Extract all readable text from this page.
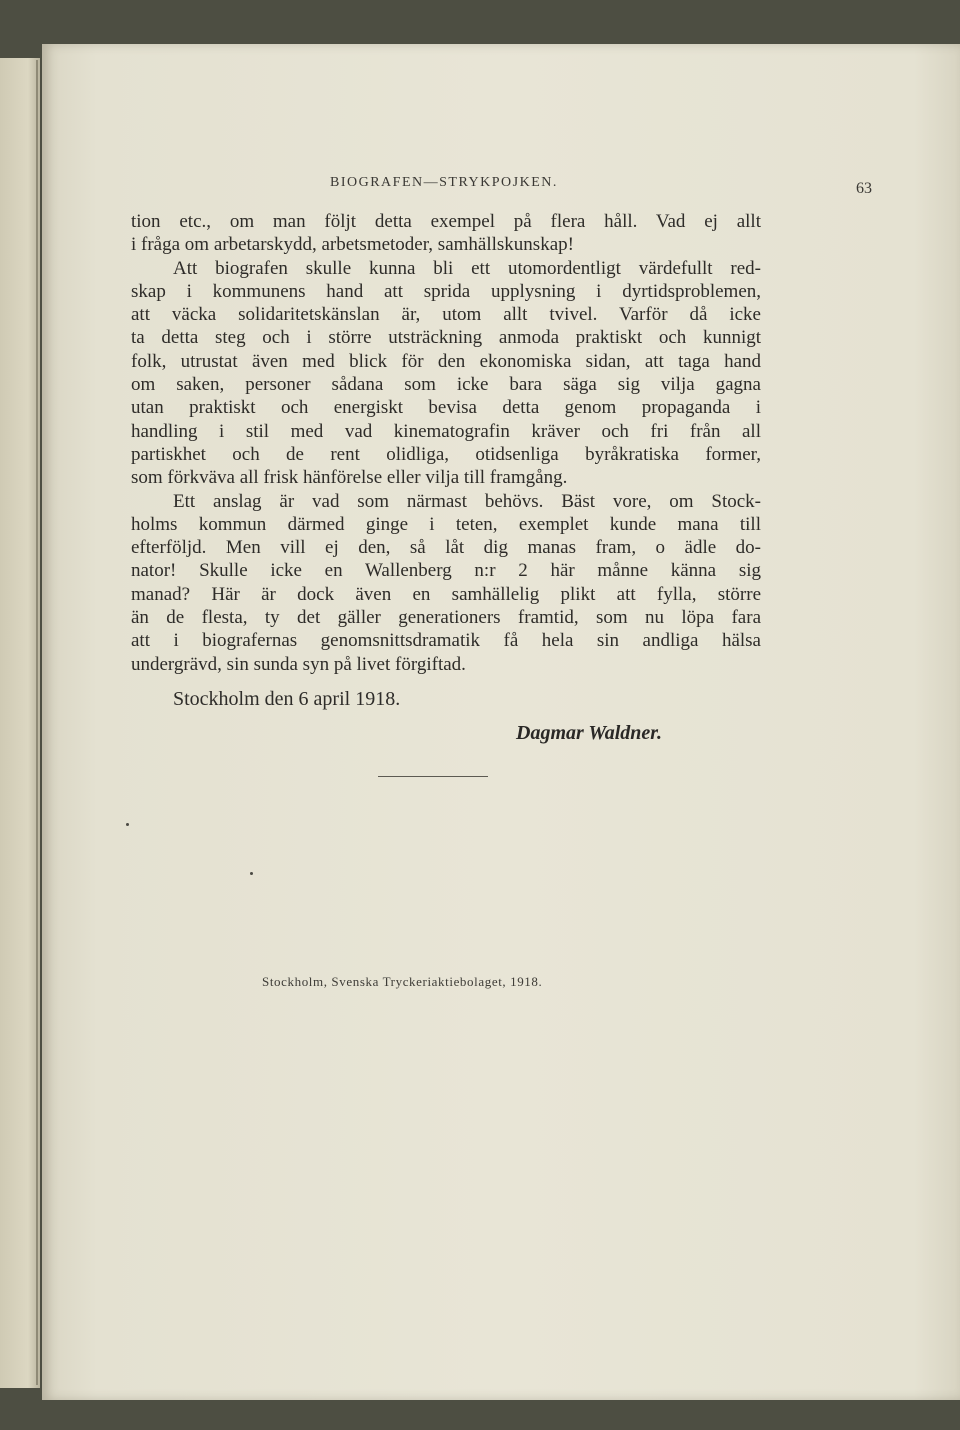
BIOGRAFEN—STRYKPOJKEN.	63
tion etc., om man följt detta exempel på flera håll. Vad ej allt
i fråga om arbetarskydd, arbetsmetoder, samhällskunskap!
Att biografen skulle kunna bli ett utomordentligt värdefullt red-
skap i kommunens hand att sprida upplysning i dyrtidsproblemen,
att väcka solidaritetskänslan är, utom allt tvivel. Varför då icke
ta detta steg och i större utsträckning anmoda praktiskt och kunnigt
folk, utrustat även med blick för den ekonomiska sidan, att taga hand
om saken, personer sådana som icke bara säga sig vilja gagna
utan praktiskt och energiskt bevisa detta genom propaganda i
handling i stil med vad kinematografin kräver och fri från all
partiskhet och de rent olidliga, otidsenliga byråkratiska former,
som förkväva all frisk hänförelse eller vilja till framgång.
Ett anslag är vad som närmast behövs. Bäst vore, om Stock-
holms kommun därmed ginge i teten, exemplet kunde mana till
efterföljd. Men vill ej den, så låt dig manas fram, o ädle do-
nator! Skulle icke en Wallenberg n:r 2 här månne känna sig
manad? Här är dock även en samhällelig plikt att fylla, större
än de flesta, ty det gäller generationers framtid, som nu löpa fara
att i biografernas genomsnittsdramatik få hela sin andliga hälsa
undergrävd, sin sunda syn på livet förgiftad.
Stockholm den 6 april 1918.
Dagmar Waldner.
Stockholm, Svenska Tryckeriaktiebolaget, 1918.
